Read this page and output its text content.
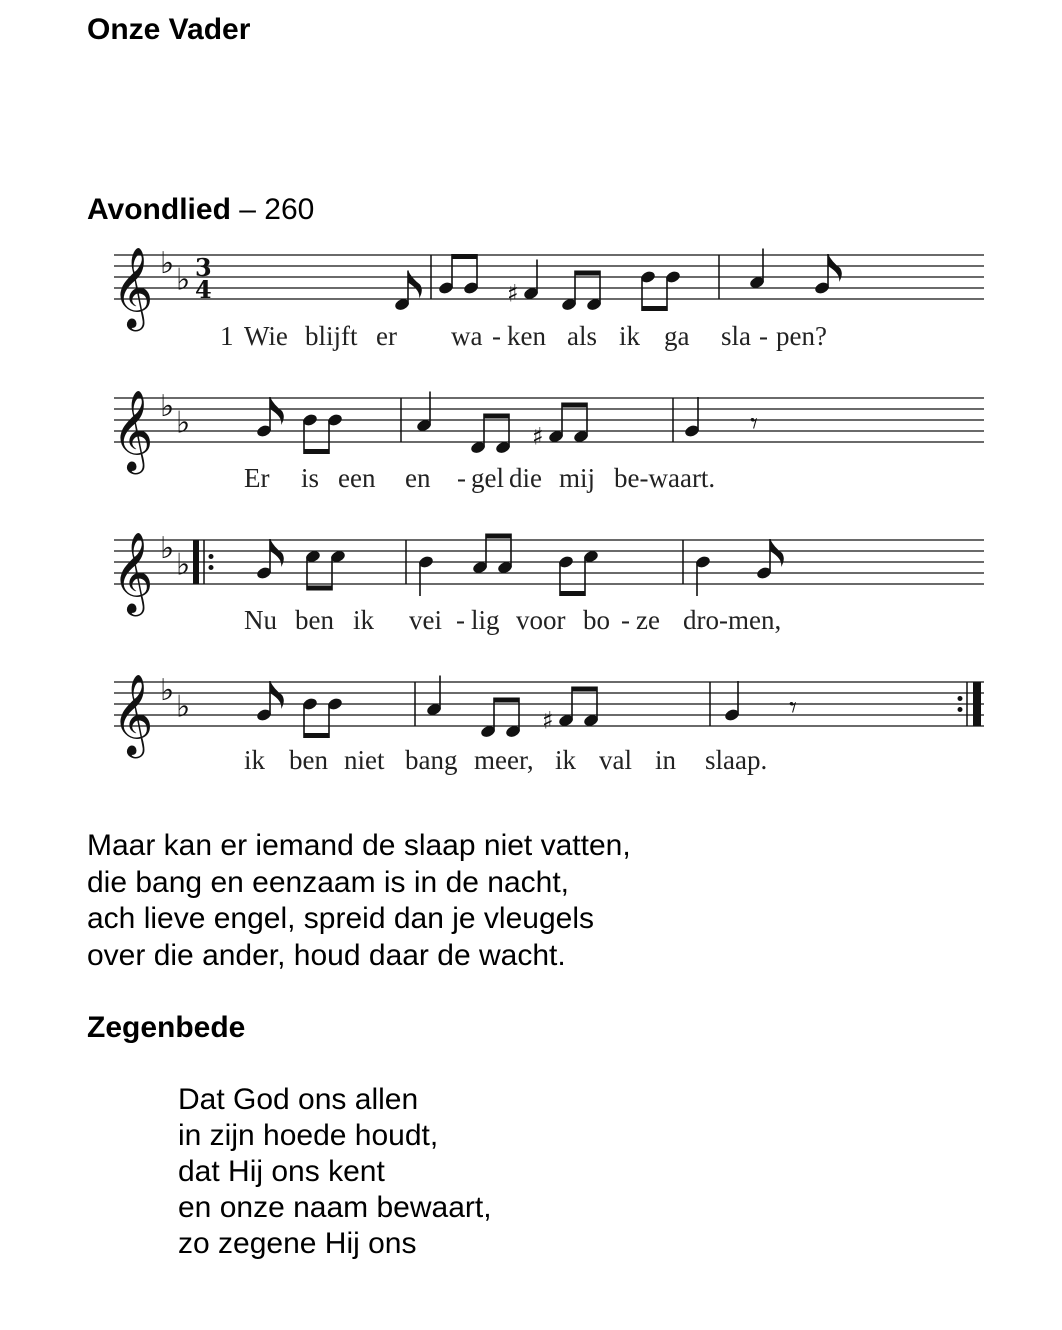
Onze Vader
Avondlied – 260
𝄞 ♭ ♭ 3
4	♯
1 Wie blijft er wa - ken als ik ga sla - pen?
𝄞 ♭ ♭	♯	𝄾
Er is een en - gel die mij be-waart.
𝄞 ♭ ♭
Nu ben ik vei - lig voor bo - ze dro-men,
𝄞 ♭ ♭	♯	𝄾
ik ben niet bang meer, ik val in slaap.
Maar kan er iemand de slaap niet vatten,
die bang en eenzaam is in de nacht,
ach lieve engel, spreid dan je vleugels
over die ander, houd daar de wacht.
Zegenbede
Dat God ons allen
in zijn hoede houdt,
dat Hij ons kent
en onze naam bewaart,
zo zegene Hij ons
